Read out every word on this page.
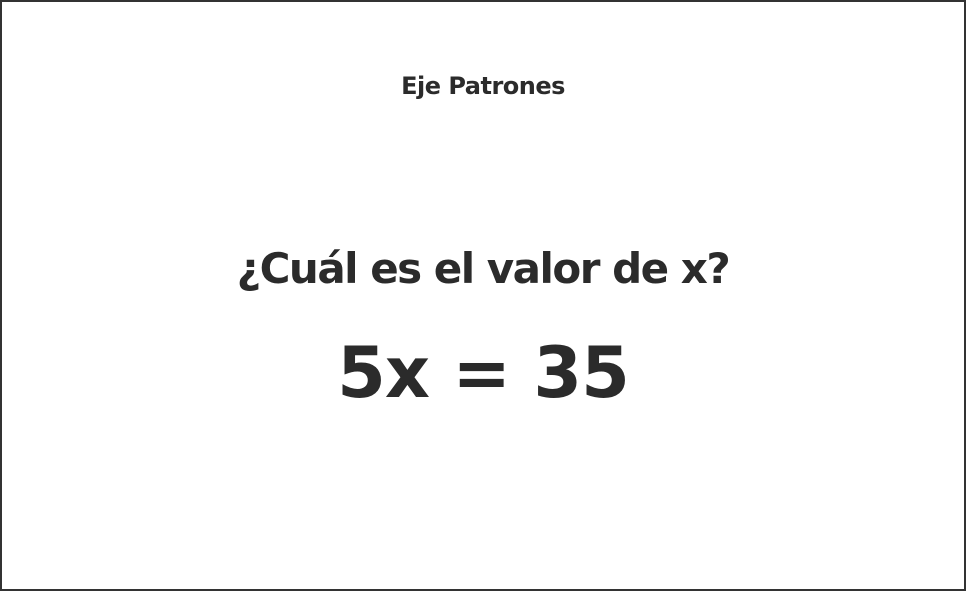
Eje Patrones
¿Cuál es el valor de x?
5x = 35
